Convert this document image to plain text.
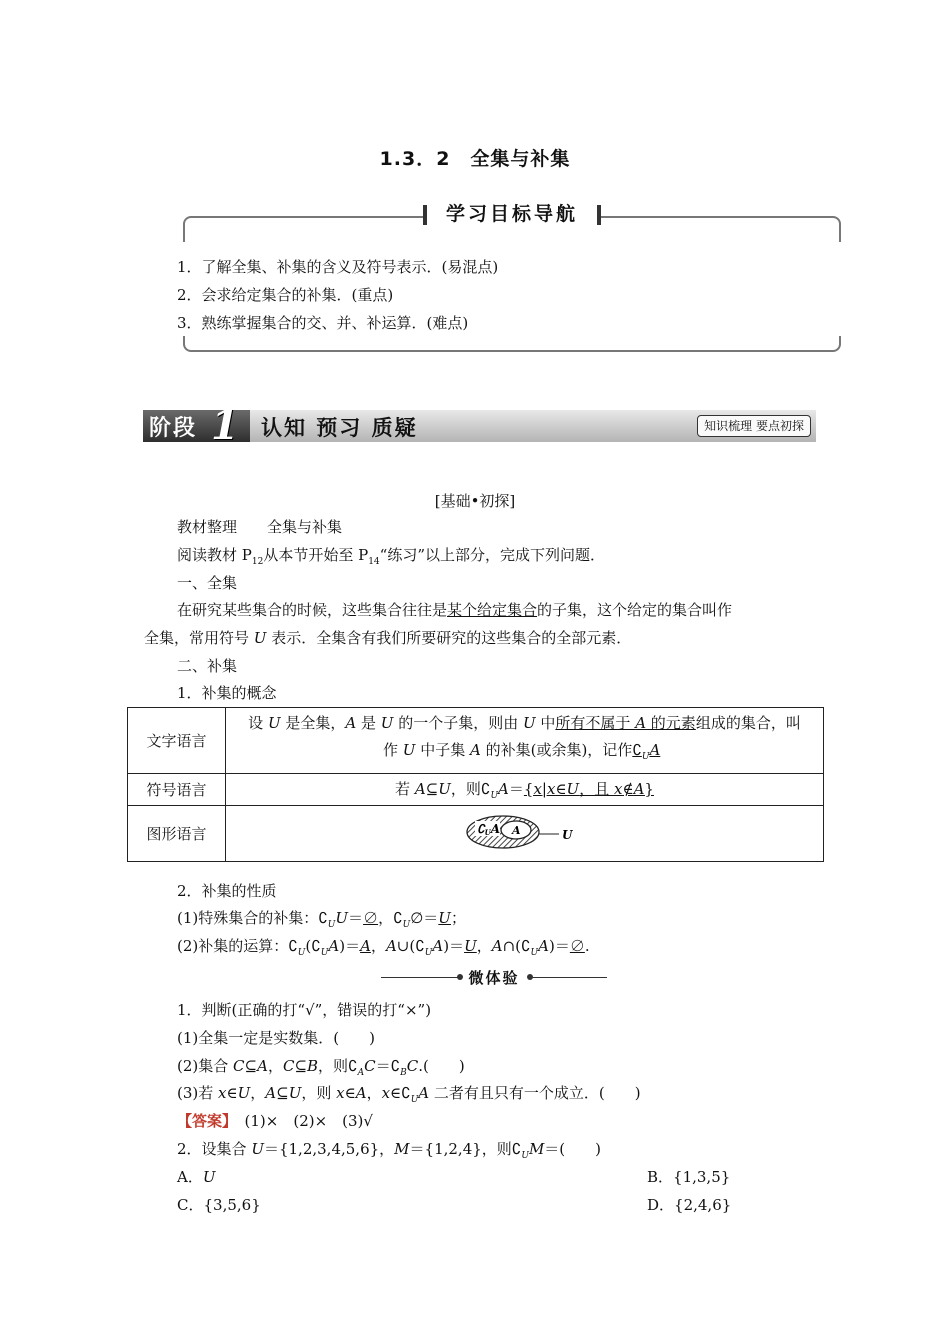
1.3．2　全集与补集
学习目标导航
1．了解全集、补集的含义及符号表示．(易混点)
2．会求给定集合的补集．(重点)
3．熟练掌握集合的交、并、补运算．(难点)
阶段 1 认知 预习 质疑	知识梳理 要点初探
[基础•初探]
教材整理　　全集与补集
阅读教材 $P_{12}$从本节开始至 $P_{14}“$练习”以上部分，完成下列问题．
一、全集
在研究某些集合的时候，这些集合往往是某个给定集合的子集，这个给定的集合叫作
全集，常用符号 U 表示．全集含有我们所要研究的这些集合的全部元素．
二、补集
1．补集的概念
文字语言	设 U 是全集，A 是 U 的一个子集，则由 U 中所有不属于 A 的元素组成的集合，叫
作 U 中子集 A 的补集(或余集)，记作$∁_UA$

符号语言	若 A⊆U，则$∁_UA=\{x|x\in U$，且 x∉A}
图形语言	∁UA A U
2．补集的性质
(1)特殊集合的补集：$∁_UU=\emptyset$，$∁_U\emptyset=U$；
(2)补集的运算：$∁_U(∁_UA)=A$，$A\cup(∁_UA)=U$，$A\cap(∁_UA)=\emptyset$.
微体验
1．判断(正确的打“√”，错误的打“×”)
(1)全集一定是实数集．(　　)
(2)集合 C⊆A，C⊆B，则$∁_AC=∁_BC$.(　　)
(3)若 x∈U，A⊆U，则 x∈A，$x\in∁_UA$ 二者有且只有一个成立．(　　)
【答案】　 (1)×　(2)×　(3)√
2．设集合 U＝{1,2,3,4,5,6}，M＝{1,2,4}，则$∁_UM=$(　　)
A．U	B．{1,3,5}
C．{3,5,6}	D．{2,4,6}
